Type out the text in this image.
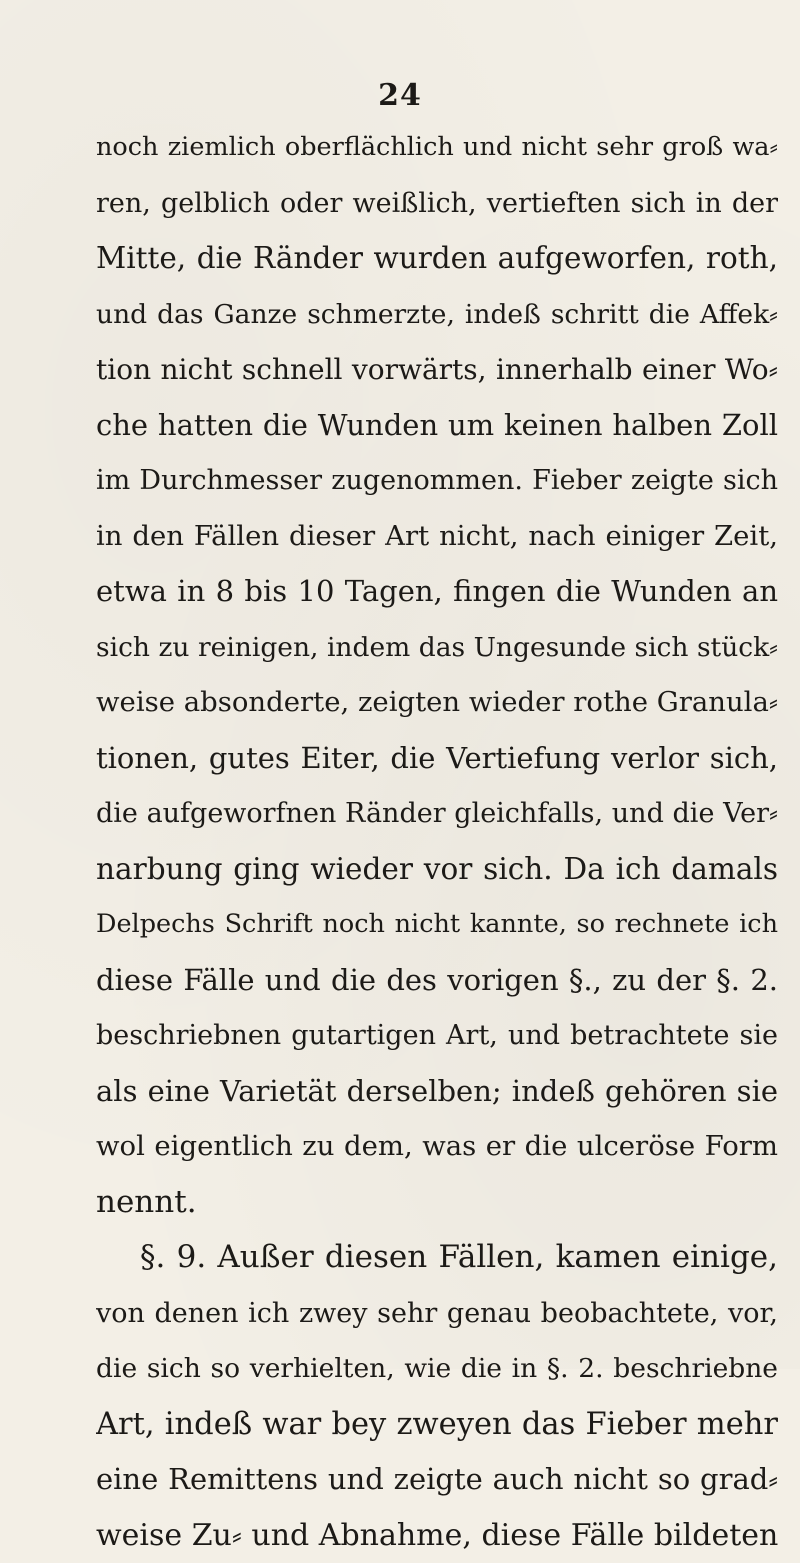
24
noch ziemlich oberflächlich und nicht sehr groß wa⸗
ren, gelblich oder weißlich, vertieften sich in der
Mitte, die Ränder wurden aufgeworfen, roth,
und das Ganze schmerzte, indeß schritt die Affek⸗
tion nicht schnell vorwärts, innerhalb einer Wo⸗
che hatten die Wunden um keinen halben Zoll
im Durchmesser zugenommen. Fieber zeigte sich
in den Fällen dieser Art nicht, nach einiger Zeit,
etwa in 8 bis 10 Tagen, fingen die Wunden an
sich zu reinigen, indem das Ungesunde sich stück⸗
weise absonderte, zeigten wieder rothe Granula⸗
tionen, gutes Eiter, die Vertiefung verlor sich,
die aufgeworfnen Ränder gleichfalls, und die Ver⸗
narbung ging wieder vor sich. Da ich damals
Delpechs Schrift noch nicht kannte, so rechnete ich
diese Fälle und die des vorigen §., zu der §. 2.
beschriebnen gutartigen Art, und betrachtete sie
als eine Varietät derselben; indeß gehören sie
wol eigentlich zu dem, was er die ulceröse Form
nennt.
§. 9. Außer diesen Fällen, kamen einige,
von denen ich zwey sehr genau beobachtete, vor,
die sich so verhielten, wie die in §. 2. beschriebne
Art, indeß war bey zweyen das Fieber mehr
eine Remittens und zeigte auch nicht so grad⸗
weise Zu⸗ und Abnahme, diese Fälle bildeten
